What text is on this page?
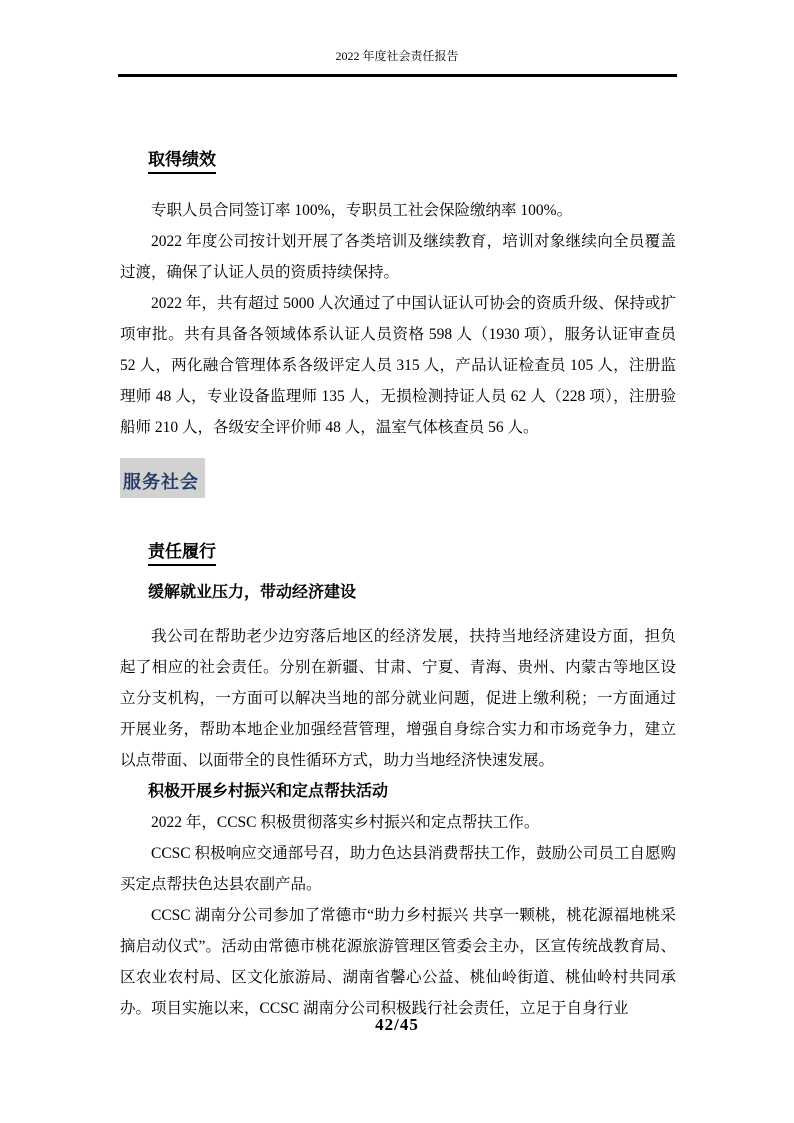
2022 年度社会责任报告
取得绩效

专职人员合同签订率 100%，专职员工社会保险缴纳率 100%。

2022 年度公司按计划开展了各类培训及继续教育，培训对象继续向全员覆盖过渡，确保了认证人员的资质持续保持。

2022 年，共有超过 5000 人次通过了中国认证认可协会的资质升级、保持或扩项审批。共有具备各领域体系认证人员资格 598 人（1930 项），服务认证审查员 52 人，两化融合管理体系各级评定人员 315 人，产品认证检查员 105 人，注册监理师 48 人，专业设备监理师 135 人，无损检测持证人员 62 人（228 项），注册验船师 210 人，各级安全评价师 48 人，温室气体核查员 56 人。

服务社会
责任履行
缓解就业压力，带动经济建设

我公司在帮助老少边穷落后地区的经济发展，扶持当地经济建设方面，担负起了相应的社会责任。分别在新疆、甘肃、宁夏、青海、贵州、内蒙古等地区设立分支机构，一方面可以解决当地的部分就业问题，促进上缴利税；一方面通过开展业务，帮助本地企业加强经营管理，增强自身综合实力和市场竞争力，建立以点带面、以面带全的良性循环方式，助力当地经济快速发展。

积极开展乡村振兴和定点帮扶活动

2022 年，CCSC 积极贯彻落实乡村振兴和定点帮扶工作。

CCSC 积极响应交通部号召，助力色达县消费帮扶工作，鼓励公司员工自愿购买定点帮扶色达县农副产品。

CCSC 湖南分公司参加了常德市“助力乡村振兴 共享一颗桃，桃花源福地桃采摘启动仪式”。活动由常德市桃花源旅游管理区管委会主办，区宣传统战教育局、区农业农村局、区文化旅游局、湖南省馨心公益、桃仙岭街道、桃仙岭村共同承办。项目实施以来，CCSC 湖南分公司积极践行社会责任，立足于自身行业

42/45
